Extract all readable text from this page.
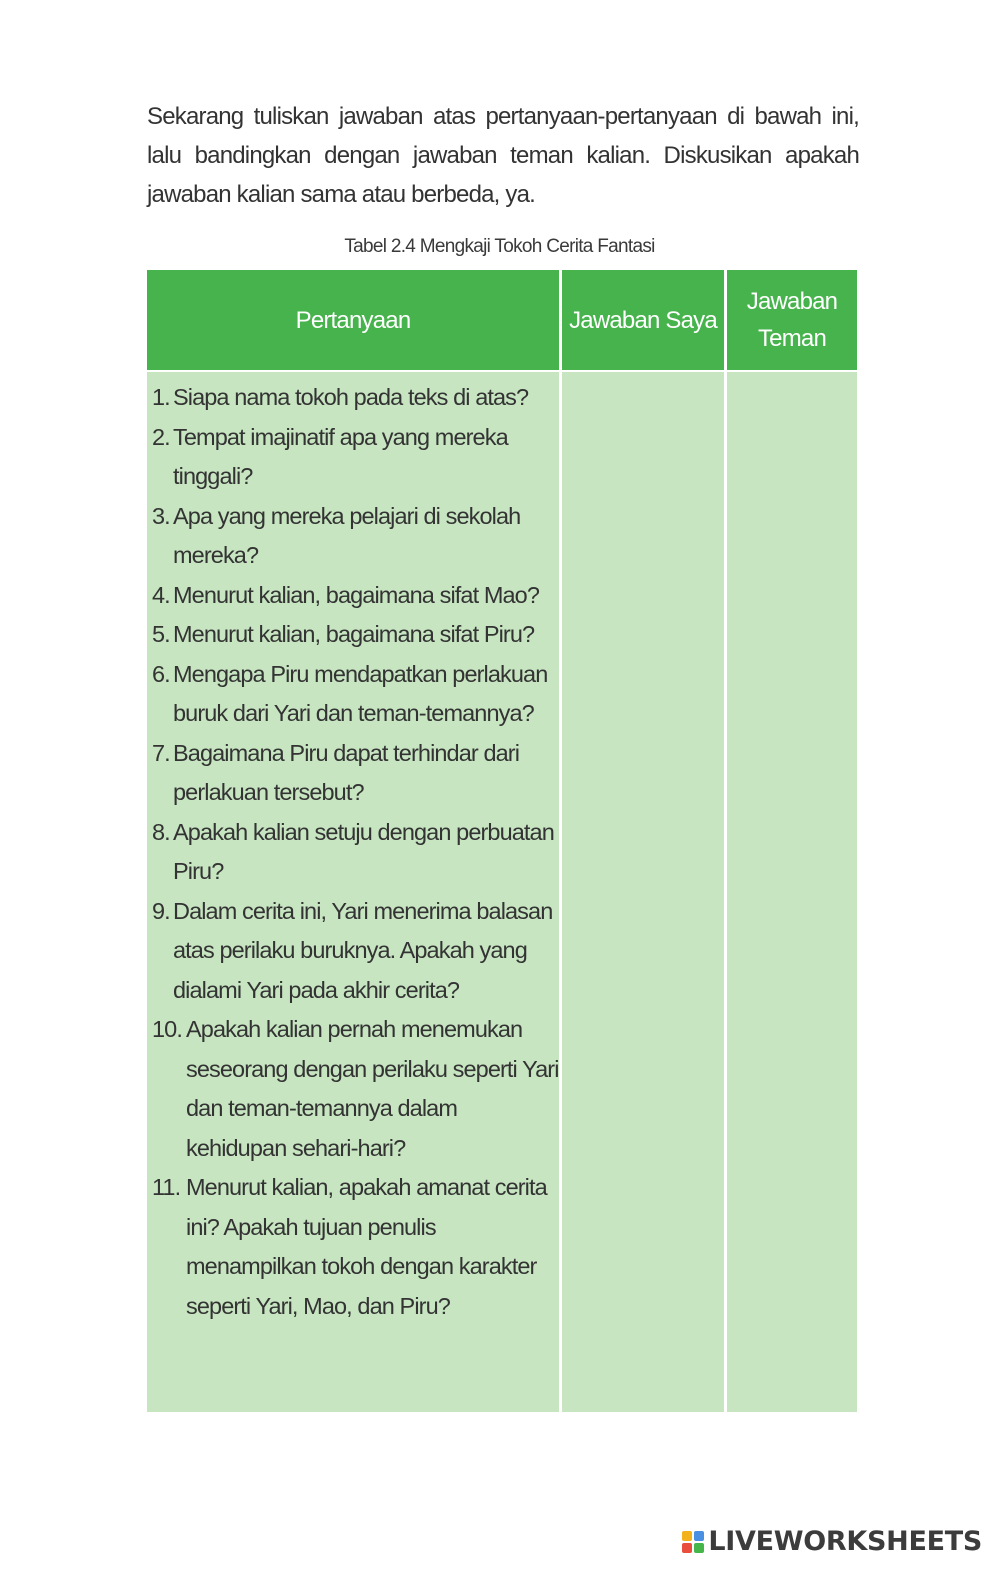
Sekarang tuliskan jawaban atas pertanyaan-pertanyaan di bawah ini, lalu bandingkan dengan jawaban teman kalian. Diskusikan apakah jawaban kalian sama atau berbeda, ya.

Tabel 2.4 Mengkaji Tokoh Cerita Fantasi

Pertanyaan	Jawaban Saya
Jawaban Teman
1. Siapa nama tokoh pada teks di atas?
2. Tempat imajinatif apa yang mereka tinggali?
3. Apa yang mereka pelajari di sekolah mereka?
4. Menurut kalian, bagaimana sifat Mao?
5. Menurut kalian, bagaimana sifat Piru?
6. Mengapa Piru mendapatkan perlakuan buruk dari Yari dan teman-temannya?
7. Bagaimana Piru dapat terhindar dari perlakuan tersebut?
8. Apakah kalian setuju dengan perbuatan Piru?
9. Dalam cerita ini, Yari menerima balasan atas perilaku buruknya. Apakah yang dialami Yari pada akhir cerita?
10. Apakah kalian pernah menemukan seseorang dengan perilaku seperti Yari dan teman-temannya dalam kehidupan sehari-hari?
11. Menurut kalian, apakah amanat cerita ini? Apakah tujuan penulis menampilkan tokoh dengan karakter seperti Yari, Mao, dan Piru?
LIVEWORKSHEETS
